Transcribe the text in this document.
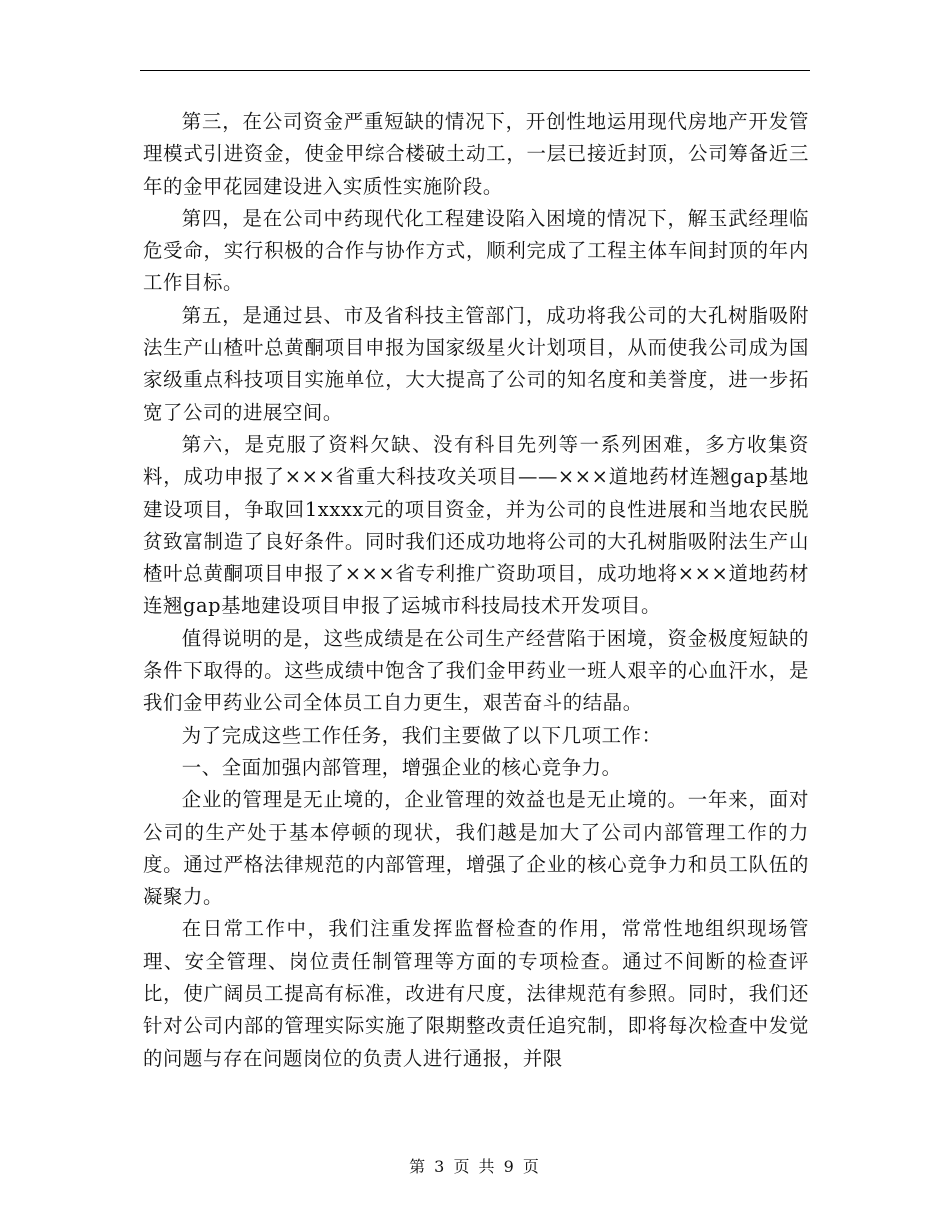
第三，在公司资金严重短缺的情况下，开创性地运用现代房地产开发管理模式引进资金，使金甲综合楼破土动工，一层已接近封顶，公司筹备近三年的金甲花园建设进入实质性实施阶段。

第四，是在公司中药现代化工程建设陷入困境的情况下，解玉武经理临危受命，实行积极的合作与协作方式，顺利完成了工程主体车间封顶的年内工作目标。

第五，是通过县、市及省科技主管部门，成功将我公司的大孔树脂吸附法生产山楂叶总黄酮项目申报为国家级星火计划项目，从而使我公司成为国家级重点科技项目实施单位，大大提高了公司的知名度和美誉度，进一步拓宽了公司的进展空间。

第六，是克服了资料欠缺、没有科目先列等一系列困难，多方收集资料，成功申报了×××省重大科技攻关项目——×××道地药材连翘gap基地建设项目，争取回1xxxx元的项目资金，并为公司的良性进展和当地农民脱贫致富制造了良好条件。同时我们还成功地将公司的大孔树脂吸附法生产山楂叶总黄酮项目申报了×××省专利推广资助项目，成功地将×××道地药材连翘gap基地建设项目申报了运城市科技局技术开发项目。

值得说明的是，这些成绩是在公司生产经营陷于困境，资金极度短缺的条件下取得的。这些成绩中饱含了我们金甲药业一班人艰辛的心血汗水，是我们金甲药业公司全体员工自力更生，艰苦奋斗的结晶。

为了完成这些工作任务，我们主要做了以下几项工作：

一、全面加强内部管理，增强企业的核心竞争力。

企业的管理是无止境的，企业管理的效益也是无止境的。一年来，面对公司的生产处于基本停顿的现状，我们越是加大了公司内部管理工作的力度。通过严格法律规范的内部管理，增强了企业的核心竞争力和员工队伍的凝聚力。

在日常工作中，我们注重发挥监督检查的作用，常常性地组织现场管理、安全管理、岗位责任制管理等方面的专项检查。通过不间断的检查评比，使广阔员工提高有标准，改进有尺度，法律规范有参照。同时，我们还针对公司内部的管理实际实施了限期整改责任追究制，即将每次检查中发觉的问题与存在问题岗位的负责人进行通报，并限

第 3 页 共 9 页
